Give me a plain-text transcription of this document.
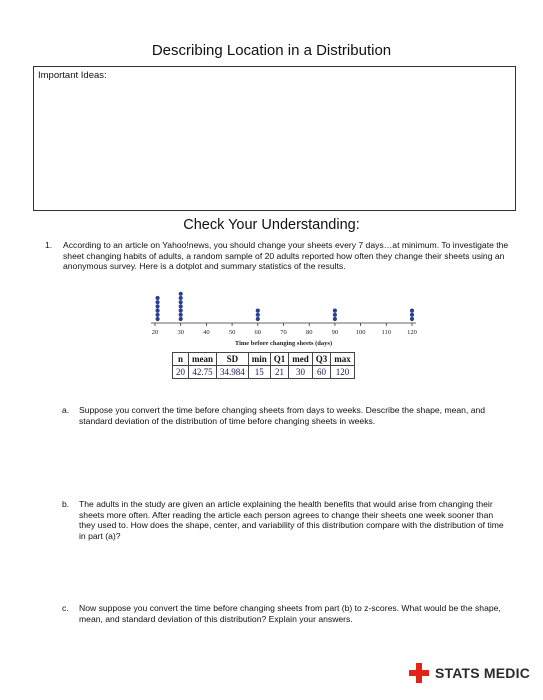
Describing Location in a Distribution
Important Ideas:
Check Your Understanding:
1. According to an article on Yahoo!news, you should change your sheets every 7 days…at minimum. To investigate the sheet changing habits of adults, a random sample of 20 adults reported how often they change their sheets using an anonymous survey. Here is a dotplot and summary statistics of the results.
20	30	40	50	60	70	80	90	100 110 120
Time before changing sheets (days)
n	mean	SD	min	Q1	med	Q3	max
20	42.75	34.984	15	21	30	60	120
a. Suppose you convert the time before changing sheets from days to weeks. Describe the shape, mean, and standard deviation of the distribution of time before changing sheets in weeks.
b. The adults in the study are given an article explaining the health benefits that would arise from changing their sheets more often. After reading the article each person agrees to change their sheets one week sooner than they used to. How does the shape, center, and variability of this distribution compare with the distribution of time in part (a)?
c. Now suppose you convert the time before changing sheets from part (b) to z-scores. What would be the shape, mean, and standard deviation of this distribution? Explain your answers.
STATS MEDIC
